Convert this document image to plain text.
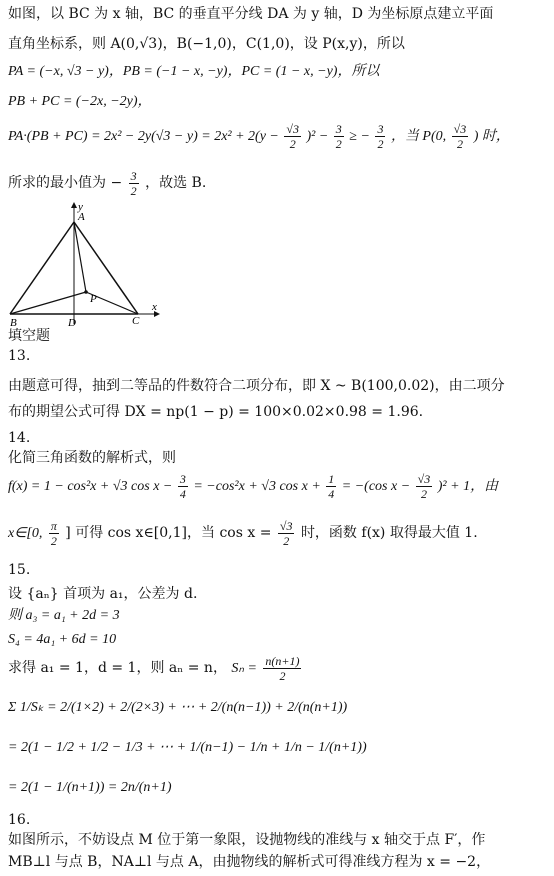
如图，以 BC 为 x 轴，BC 的垂直平分线 DA 为 y 轴，D 为坐标原点建立平面
直角坐标系，则 A(0,√3)，B(−1,0)，C(1,0)，设 P(x,y)，所以
PA = (−x, √3 − y)，PB = (−1 − x, −y)，PC = (1 − x, −y)，所以
PB + PC = (−2x, −2y)，
$PA\cdot(PB + PC) = 2x^2 - 2y(√3 - y) = 2x^2 + 2(y - \frac{√3}{2} )^2 - \frac{3}{2}$ ≥ − $\frac{3}{2}$ ，当 P(0, $\frac{√3}{2}$ ) 时，
所求的最小值为 − $\frac{3}{2}$ ，故选 B.
A
y
B	D	C
P
x
填空题
13.
由题意可得，抽到二等品的件数符合二项分布，即 X ~ B(100,0.02)，由二项分
布的期望公式可得 DX = np(1 − p) = 100×0.02×0.98 = 1.96.
14.
化简三角函数的解析式，则
f(x) = 1 − cos²x + √3 $\cos x - \frac{3}{4} = -\cos^2x + √3$ $\cos x + \frac{1}{4} = -(\cos$ $x - \frac{√3}{2} )^2 + 1$，由
x∈[0, $\frac{\pi}{2}$ ] 可得 cos x∈[0,1]，当 $\cos x = \frac{√3}{2}$ 时，函数 f(x) 取得最大值 1.
15.
设 {aₙ} 首项为 a₁，公差为 d.
则 a₃ = a₁ + 2d = 3
S₄ = 4a₁ + 6d = 10
求得 a₁ = 1，d = 1，则 aₙ = n， $S_n = \frac{n(n+1)}{2}$
Σ 1/Sₖ = 2/(1×2) + 2/(2×3) + ⋯ + 2/(n(n−1)) + 2/(n(n+1))
= 2(1 − 1/2 + 1/2 − 1/3 + ⋯ + 1/(n−1) − 1/n + 1/n − 1/(n+1))
= 2(1 − 1/(n+1)) = 2n/(n+1)
16.
如图所示，不妨设点 M 位于第一象限，设抛物线的准线与 x 轴交于点 F′，作
MB⊥l 与点 B，NA⊥l 与点 A，由抛物线的解析式可得准线方程为 x = −2，
